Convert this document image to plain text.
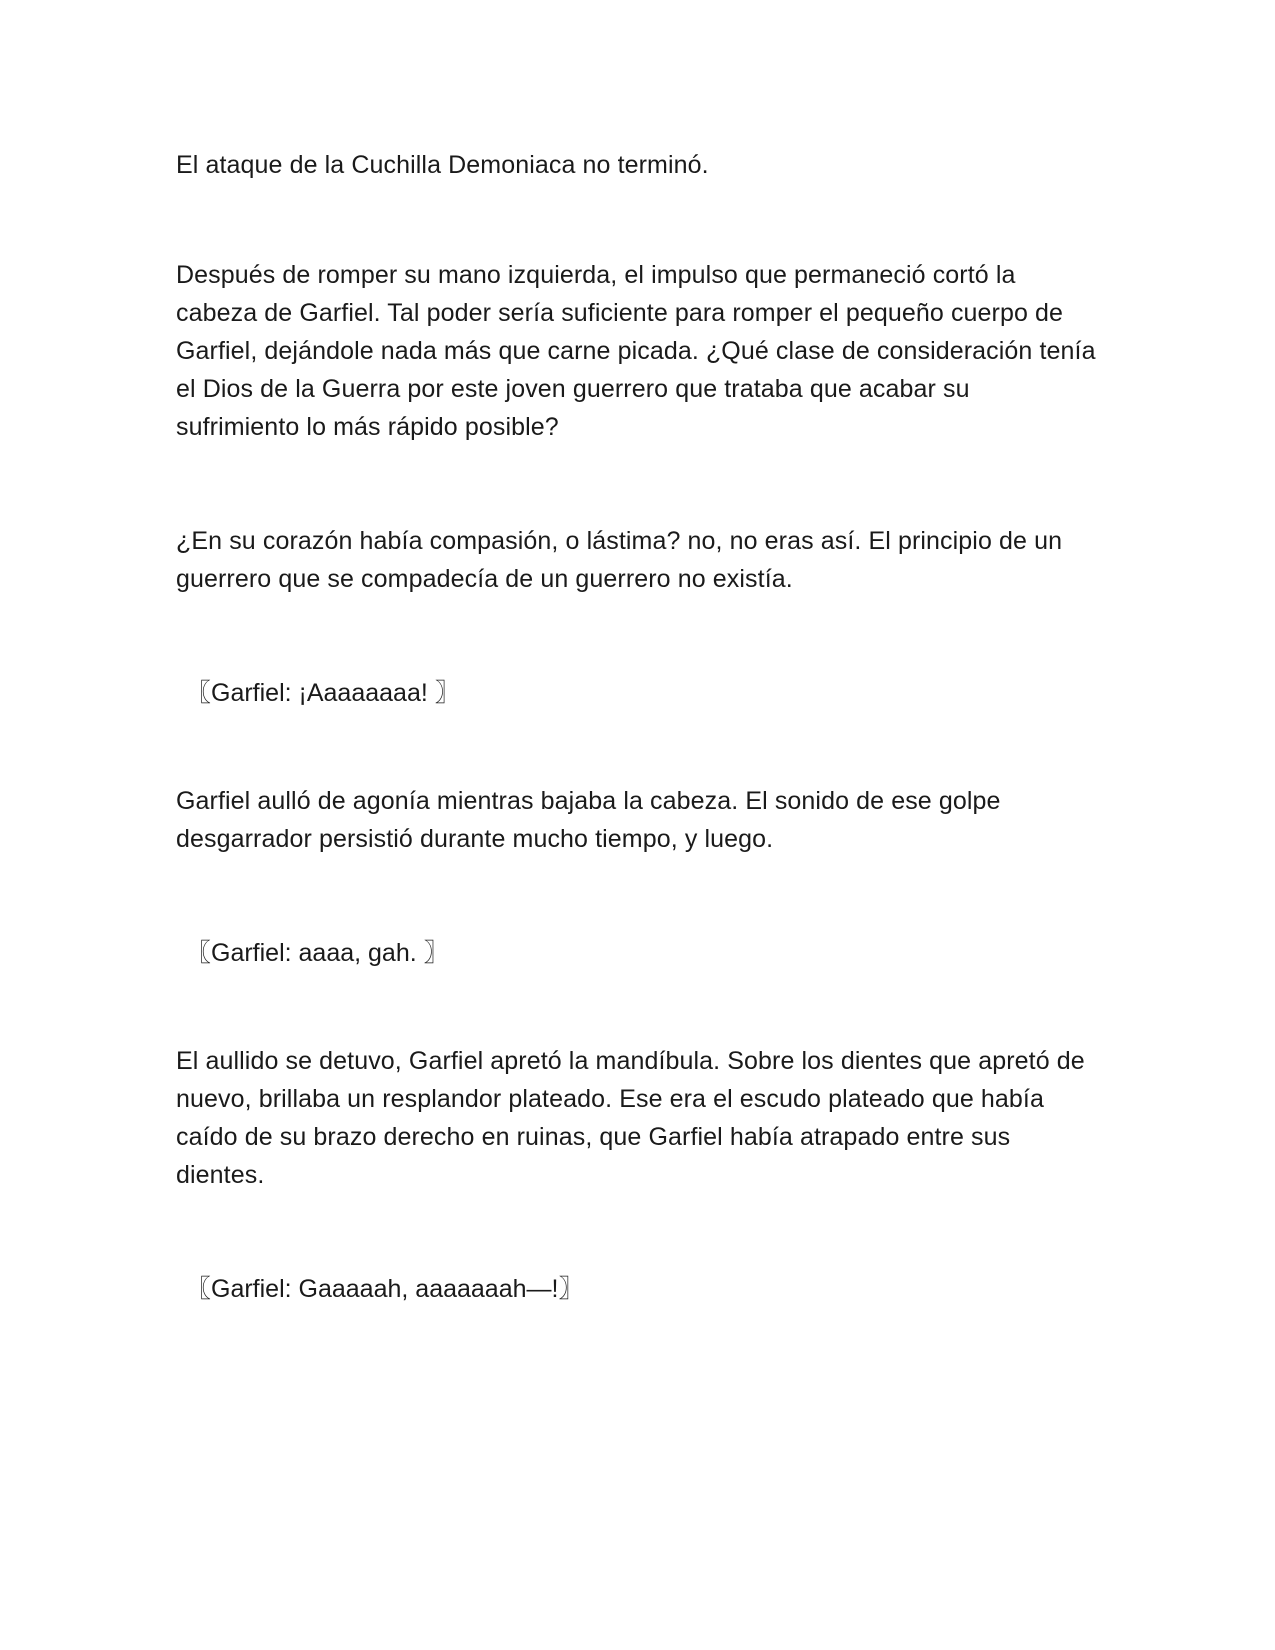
El ataque de la Cuchilla Demoniaca no terminó.

Después de romper su mano izquierda, el impulso que permaneció cortó la cabeza de Garfiel. Tal poder sería suficiente para romper el pequeño cuerpo de Garfiel, dejándole nada más que carne picada. ¿Qué clase de consideración tenía el Dios de la Guerra por este joven guerrero que trataba que acabar su sufrimiento lo más rápido posible?

¿En su corazón había compasión, o lástima? no, no eras así. El principio de un guerrero que se compadecía de un guerrero no existía.

〖Garfiel: ¡Aaaaaaaa! 〗

Garfiel aulló de agonía mientras bajaba la cabeza. El sonido de ese golpe desgarrador persistió durante mucho tiempo, y luego.

〖Garfiel: aaaa, gah. 〗

El aullido se detuvo, Garfiel apretó la mandíbula. Sobre los dientes que apretó de nuevo, brillaba un resplandor plateado. Ese era el escudo plateado que había caído de su brazo derecho en ruinas, que Garfiel había atrapado entre sus dientes.

〖Garfiel: Gaaaaah, aaaaaaah—!〗
